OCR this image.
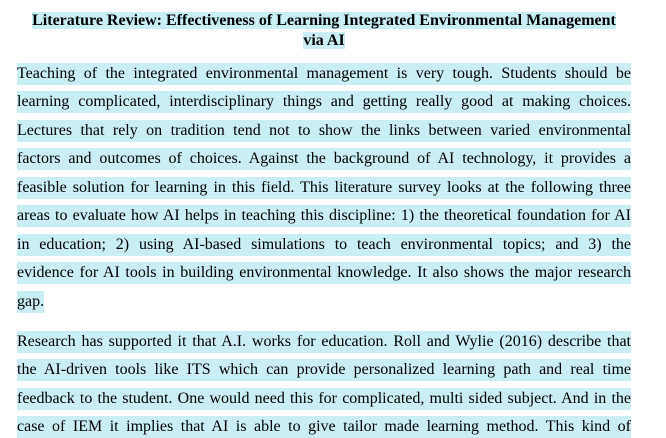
Literature Review: Effectiveness of Learning Integrated Environmental Management
via AI
Teaching of the integrated environmental management is very tough. Students should be
learning complicated, interdisciplinary things and getting really good at making choices.
Lectures that rely on tradition tend not to show the links between varied environmental
factors and outcomes of choices. Against the background of AI technology, it provides a
feasible solution for learning in this field. This literature survey looks at the following three
areas to evaluate how AI helps in teaching this discipline: 1) the theoretical foundation for AI
in education; 2) using AI-based simulations to teach environmental topics; and 3) the
evidence for AI tools in building environmental knowledge. It also shows the major research
gap.
Research has supported it that A.I. works for education. Roll and Wylie (2016) describe that
the AI-driven tools like ITS which can provide personalized learning path and real time
feedback to the student. One would need this for complicated, multi sided subject. And in the
case of IEM it implies that AI is able to give tailor made learning method. This kind of
